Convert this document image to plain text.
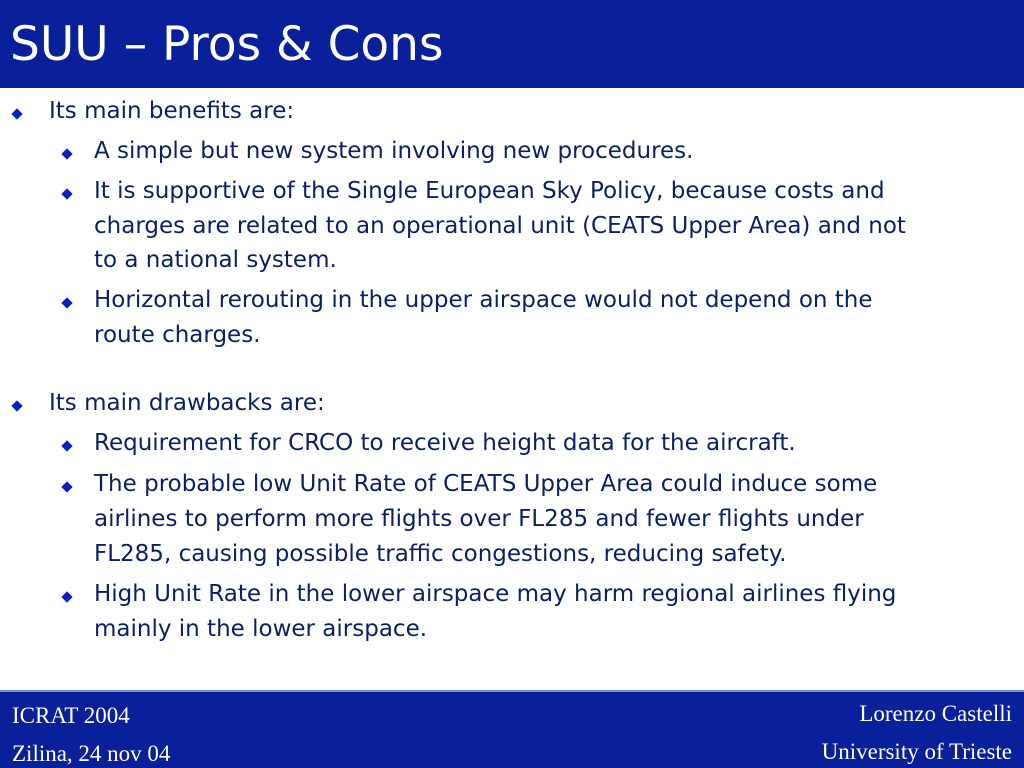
SUU – Pros & Cons
Its main benefits are:
A simple but new system involving new procedures.
It is supportive of the Single European Sky Policy, because costs and
charges are related to an operational unit (CEATS Upper Area) and not
to a national system.
Horizontal rerouting in the upper airspace would not depend on the
route charges.
Its main drawbacks are:
Requirement for CRCO to receive height data for the aircraft.
The probable low Unit Rate of CEATS Upper Area could induce some
airlines to perform more flights over FL285 and fewer flights under
FL285, causing possible traffic congestions, reducing safety.
High Unit Rate in the lower airspace may harm regional airlines flying
mainly in the lower airspace.
ICRAT 2004
Zilina, 24 nov 04
Lorenzo Castelli
University of Trieste
